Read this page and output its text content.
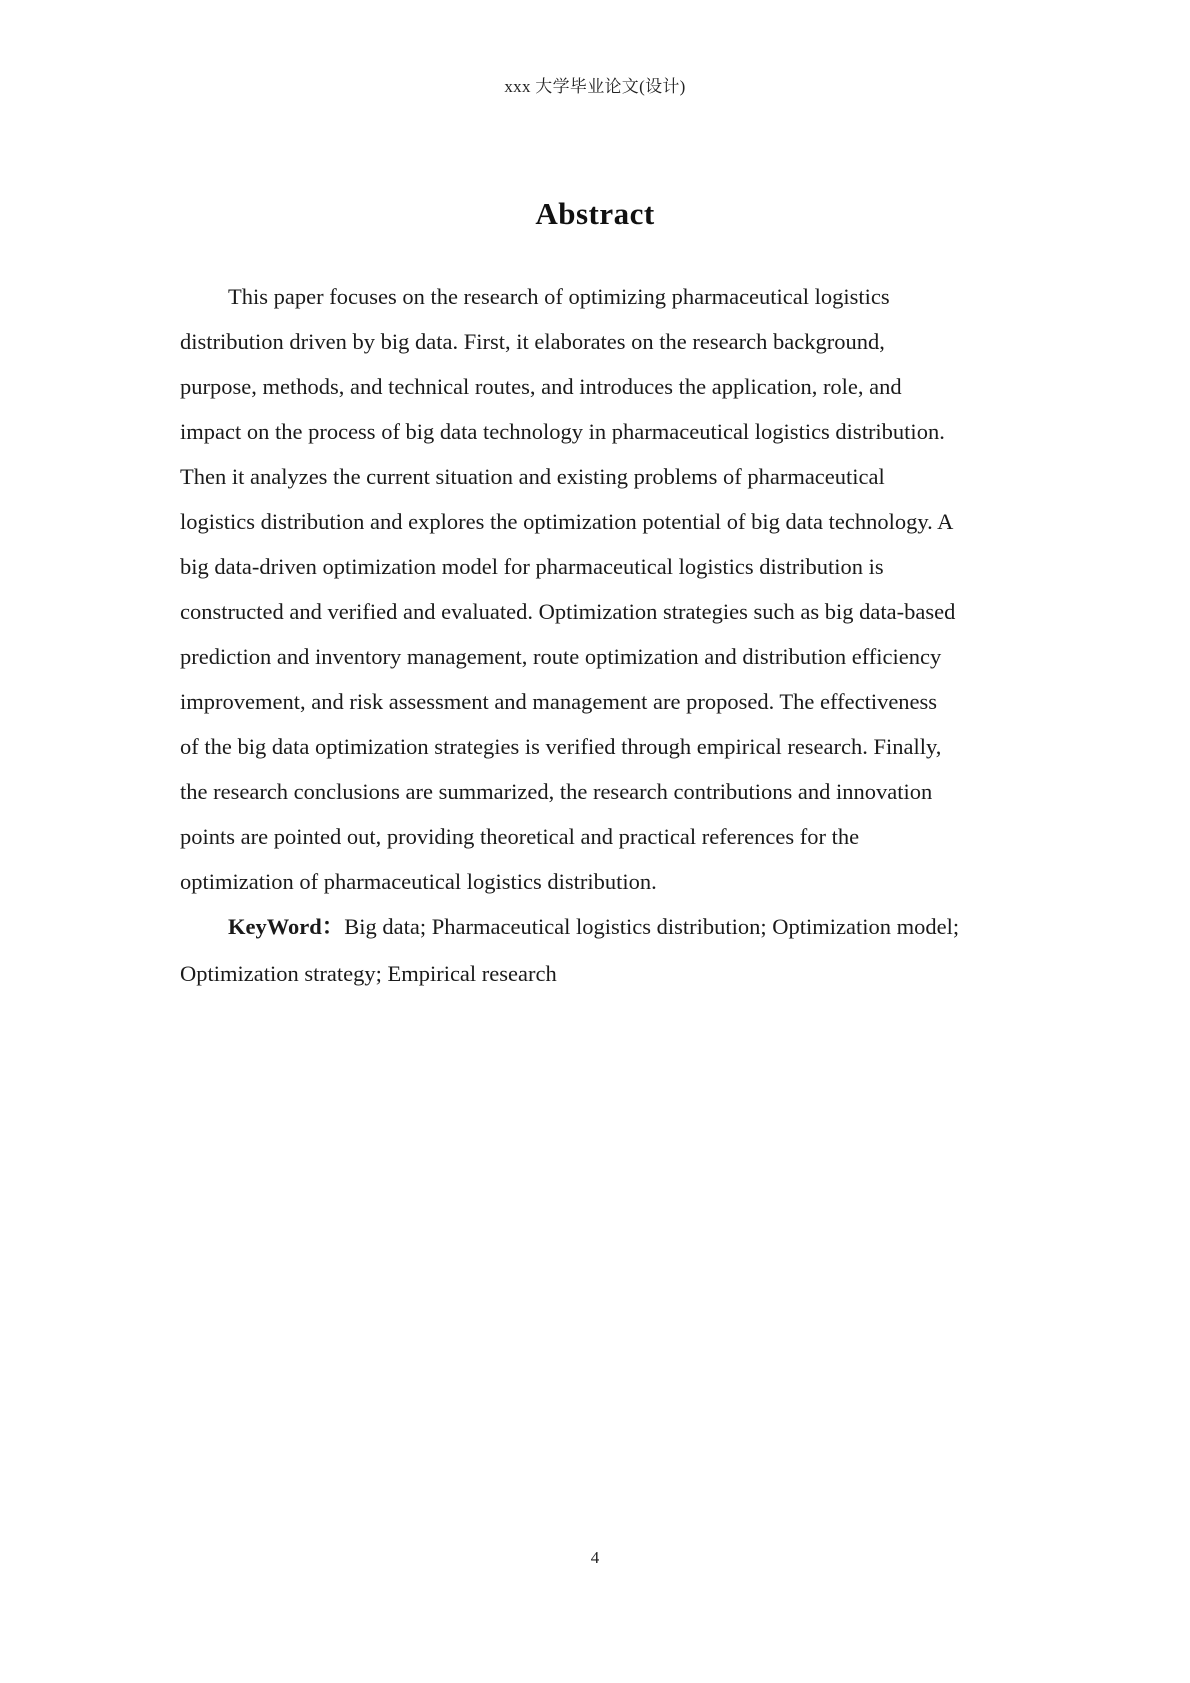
xxx 大学毕业论文(设计)
Abstract
This paper focuses on the research of optimizing pharmaceutical logistics
distribution driven by big data. First, it elaborates on the research background,
purpose, methods, and technical routes, and introduces the application, role, and
impact on the process of big data technology in pharmaceutical logistics distribution.
Then it analyzes the current situation and existing problems of pharmaceutical
logistics distribution and explores the optimization potential of big data technology. A
big data-driven optimization model for pharmaceutical logistics distribution is
constructed and verified and evaluated. Optimization strategies such as big data-based
prediction and inventory management, route optimization and distribution efficiency
improvement, and risk assessment and management are proposed. The effectiveness
of the big data optimization strategies is verified through empirical research. Finally,
the research conclusions are summarized, the research contributions and innovation
points are pointed out, providing theoretical and practical references for the
optimization of pharmaceutical logistics distribution.
KeyWord：Big data; Pharmaceutical logistics distribution; Optimization model;
Optimization strategy; Empirical research
4
